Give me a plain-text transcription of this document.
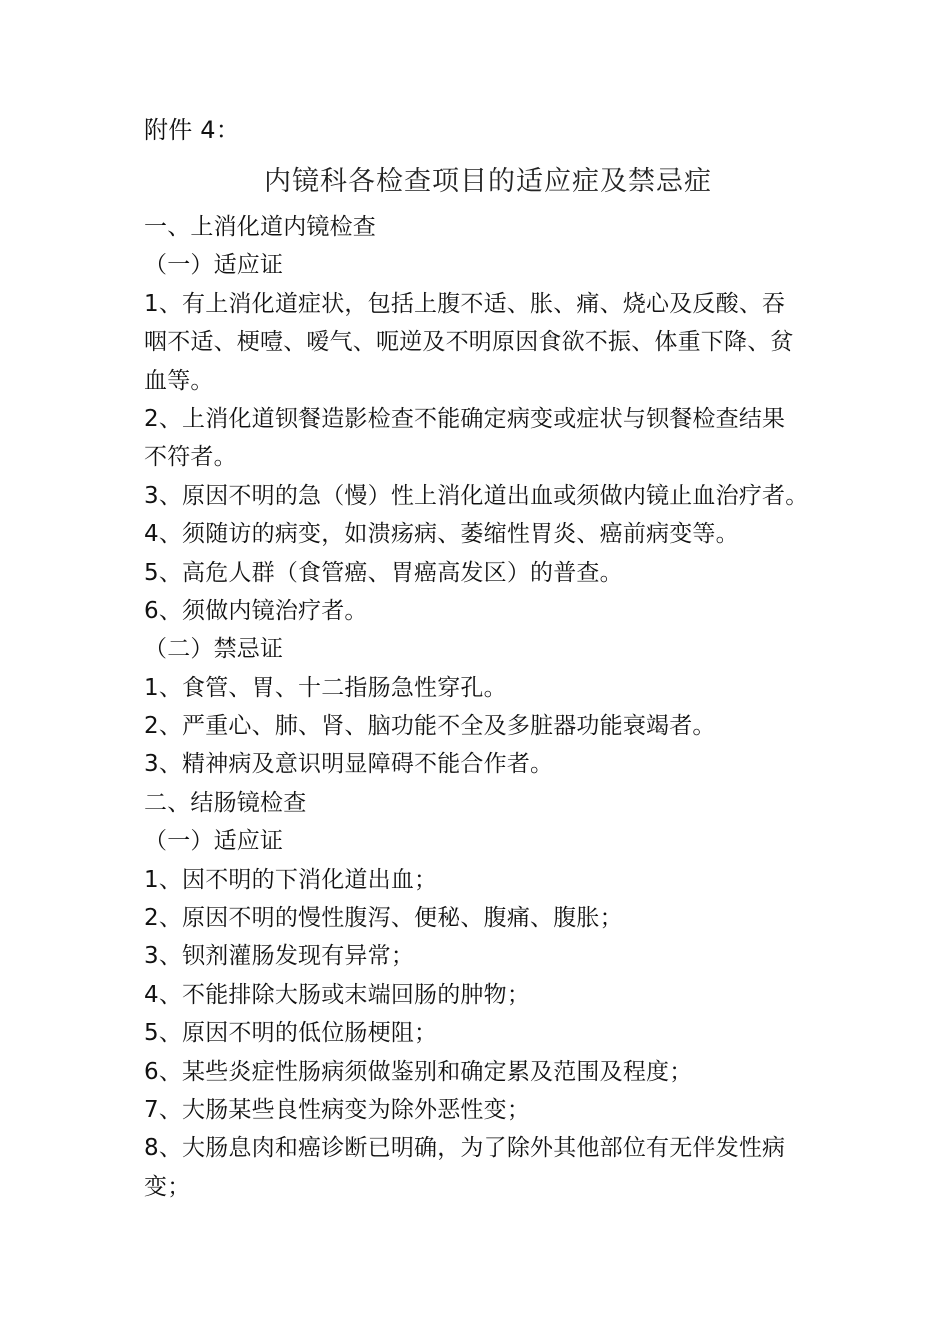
附件 4：
内镜科各检查项目的适应症及禁忌症
一、上消化道内镜检查
（一）适应证
1、有上消化道症状，包括上腹不适、胀、痛、烧心及反酸、吞
咽不适、梗噎、嗳气、呃逆及不明原因食欲不振、体重下降、贫
血等。
2、上消化道钡餐造影检查不能确定病变或症状与钡餐检查结果
不符者。
3、原因不明的急（慢）性上消化道出血或须做内镜止血治疗者。
4、须随访的病变，如溃疡病、萎缩性胃炎、癌前病变等。
5、高危人群（食管癌、胃癌高发区）的普查。
6、须做内镜治疗者。
（二）禁忌证
1、食管、胃、十二指肠急性穿孔。
2、严重心、肺、肾、脑功能不全及多脏器功能衰竭者。
3、精神病及意识明显障碍不能合作者。
二、结肠镜检查
（一）适应证
1、因不明的下消化道出血；
2、原因不明的慢性腹泻、便秘、腹痛、腹胀；
3、钡剂灌肠发现有异常；
4、不能排除大肠或末端回肠的肿物；
5、原因不明的低位肠梗阻；
6、某些炎症性肠病须做鉴别和确定累及范围及程度；
7、大肠某些良性病变为除外恶性变；
8、大肠息肉和癌诊断已明确，为了除外其他部位有无伴发性病
变；
